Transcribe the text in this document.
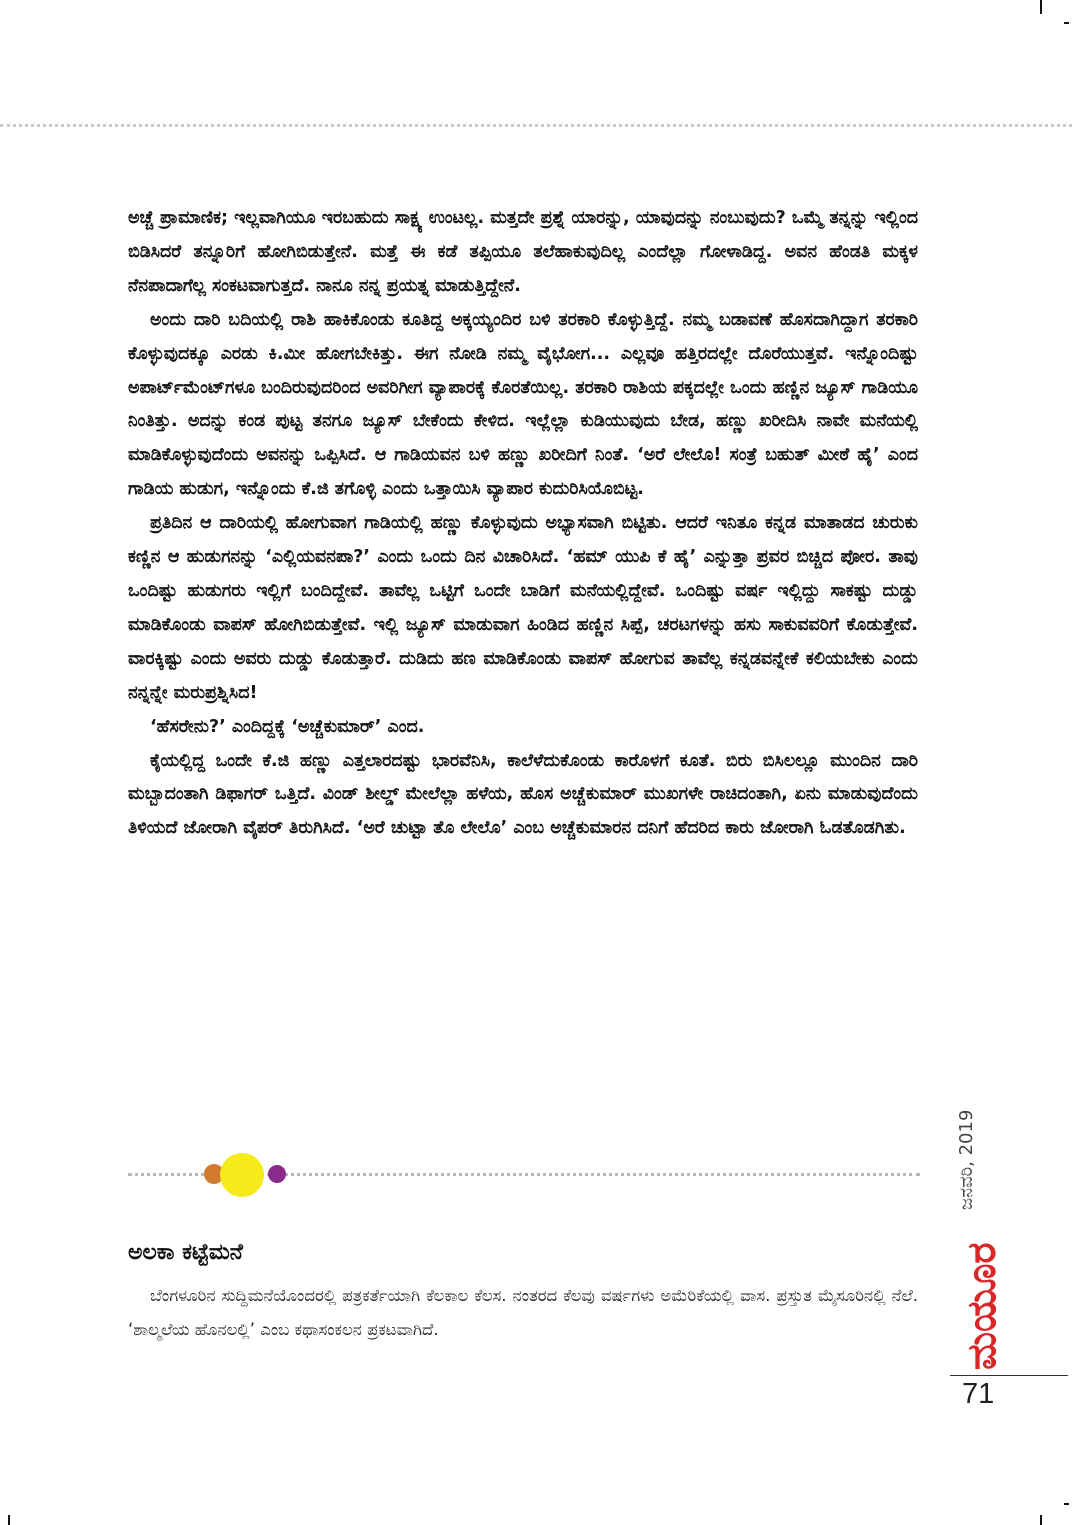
ಅಚ್ಚೆ ಪ್ರಾಮಾಣಿಕ; ಇಲ್ಲವಾಗಿಯೂ ಇರಬಹುದು ಸಾಕ್ಷ್ಯ ಉಂಟಲ್ಲ. ಮತ್ತದೇ ಪ್ರಶ್ನೆ ಯಾರನ್ನು, ಯಾವುದನ್ನು ನಂಬುವುದು? ಒಮ್ಮೆ ತನ್ನನ್ನು ಇಲ್ಲಿಂದ ಬಿಡಿಸಿದರೆ ತನ್ನೂರಿಗೆ ಹೋಗಿಬಿಡುತ್ತೇನೆ. ಮತ್ತೆ ಈ ಕಡೆ ತಪ್ಪಿಯೂ ತಲೆಹಾಕುವುದಿಲ್ಲ ಎಂದೆಲ್ಲಾ ಗೋಳಾಡಿದ್ದ. ಅವನ ಹೆಂಡತಿ ಮಕ್ಕಳ ನೆನಪಾದಾಗೆಲ್ಲ ಸಂಕಟವಾಗುತ್ತದೆ. ನಾನೂ ನನ್ನ ಪ್ರಯತ್ನ ಮಾಡುತ್ತಿದ್ದೇನೆ.

ಅಂದು ದಾರಿ ಬದಿಯಲ್ಲಿ ರಾಶಿ ಹಾಕಿಕೊಂಡು ಕೂತಿದ್ದ ಅಕ್ಕಯ್ಯಂದಿರ ಬಳಿ ತರಕಾರಿ ಕೊಳ್ಳುತ್ತಿದ್ದೆ. ನಮ್ಮ ಬಡಾವಣೆ ಹೊಸದಾಗಿದ್ದಾಗ ತರಕಾರಿ ಕೊಳ್ಳುವುದಕ್ಕೂ ಎರಡು ಕಿ.ಮೀ ಹೋಗಬೇಕಿತ್ತು. ಈಗ ನೋಡಿ ನಮ್ಮ ವೈಭೋಗ... ಎಲ್ಲವೂ ಹತ್ತಿರದಲ್ಲೇ ದೊರೆಯುತ್ತವೆ. ಇನ್ನೊಂದಿಷ್ಟು ಅಪಾರ್ಟ್‌ಮೆಂಟ್‌ಗಳೂ ಬಂದಿರುವುದರಿಂದ ಅವರಿಗೀಗ ವ್ಯಾಪಾರಕ್ಕೆ ಕೊರತೆಯಿಲ್ಲ. ತರಕಾರಿ ರಾಶಿಯ ಪಕ್ಕದಲ್ಲೇ ಒಂದು ಹಣ್ಣಿನ ಜ್ಯೂಸ್ ಗಾಡಿಯೂ ನಿಂತಿತ್ತು. ಅದನ್ನು ಕಂಡ ಪುಟ್ಟ ತನಗೂ ಜ್ಯೂಸ್ ಬೇಕೆಂದು ಕೇಳಿದ. ಇಲ್ಲೆಲ್ಲಾ ಕುಡಿಯುವುದು ಬೇಡ, ಹಣ್ಣು ಖರೀದಿಸಿ ನಾವೇ ಮನೆಯಲ್ಲಿ ಮಾಡಿಕೊಳ್ಳುವುದೆಂದು ಅವನನ್ನು ಒಪ್ಪಿಸಿದೆ. ಆ ಗಾಡಿಯವನ ಬಳಿ ಹಣ್ಣು ಖರೀದಿಗೆ ನಿಂತೆ. ‘ಅರೆ ಲೇಲೊ! ಸಂತ್ರೆ ಬಹುತ್ ಮೀಠೆ ಹೈ’ ಎಂದ ಗಾಡಿಯ ಹುಡುಗ, ಇನ್ನೊಂದು ಕೆ.ಜಿ ತಗೊಳ್ಳಿ ಎಂದು ಒತ್ತಾಯಿಸಿ ವ್ಯಾಪಾರ ಕುದುರಿಸಿಯೊಬಿಟ್ಟ.

ಪ್ರತಿದಿನ ಆ ದಾರಿಯಲ್ಲಿ ಹೋಗುವಾಗ ಗಾಡಿಯಲ್ಲಿ ಹಣ್ಣು ಕೊಳ್ಳುವುದು ಅಭ್ಯಾಸವಾಗಿ ಬಿಟ್ಟಿತು. ಆದರೆ ಇನಿತೂ ಕನ್ನಡ ಮಾತಾಡದ ಚುರುಕು ಕಣ್ಣಿನ ಆ ಹುಡುಗನನ್ನು ‘ಎಲ್ಲಿಯವನಪಾ?’ ಎಂದು ಒಂದು ದಿನ ವಿಚಾರಿಸಿದೆ. ‘ಹಮ್ ಯುಪಿ ಕೆ ಹೈ’ ಎನ್ನುತ್ತಾ ಪ್ರವರ ಬಿಚ್ಚಿದ ಪೋರ. ತಾವು ಒಂದಿಷ್ಟು ಹುಡುಗರು ಇಲ್ಲಿಗೆ ಬಂದಿದ್ದೇವೆ. ತಾವೆಲ್ಲ ಒಟ್ಟಿಗೆ ಒಂದೇ ಬಾಡಿಗೆ ಮನೆಯಲ್ಲಿದ್ದೇವೆ. ಒಂದಿಷ್ಟು ವರ್ಷ ಇಲ್ಲಿದ್ದು ಸಾಕಷ್ಟು ದುಡ್ಡು ಮಾಡಿಕೊಂಡು ವಾಪಸ್ ಹೋಗಿಬಿಡುತ್ತೇವೆ. ಇಲ್ಲಿ ಜ್ಯೂಸ್ ಮಾಡುವಾಗ ಹಿಂಡಿದ ಹಣ್ಣಿನ ಸಿಪ್ಪೆ, ಚರಟಗಳನ್ನು ಹಸು ಸಾಕುವವರಿಗೆ ಕೊಡುತ್ತೇವೆ. ವಾರಕ್ಕಿಷ್ಟು ಎಂದು ಅವರು ದುಡ್ಡು ಕೊಡುತ್ತಾರೆ. ದುಡಿದು ಹಣ ಮಾಡಿಕೊಂಡು ವಾಪಸ್ ಹೋಗುವ ತಾವೆಲ್ಲ ಕನ್ನಡವನ್ನೇಕೆ ಕಲಿಯಬೇಕು ಎಂದು ನನ್ನನ್ನೇ ಮರುಪ್ರಶ್ನಿಸಿದ!

‘ಹೆಸರೇನು?’ ಎಂದಿದ್ದಕ್ಕೆ ‘ಅಚ್ಚೆಕುಮಾರ್’ ಎಂದ.

ಕೈಯಲ್ಲಿದ್ದ ಒಂದೇ ಕೆ.ಜಿ ಹಣ್ಣು ಎತ್ತಲಾರದಷ್ಟು ಭಾರವೆನಿಸಿ, ಕಾಲೆಳೆದುಕೊಂಡು ಕಾರೊಳಗೆ ಕೂತೆ. ಬಿರು ಬಿಸಿಲಲ್ಲೂ ಮುಂದಿನ ದಾರಿ ಮಬ್ಬಾದಂತಾಗಿ ಡಿಫಾಗರ್ ಒತ್ತಿದೆ. ವಿಂಡ್ ಶೀಲ್ಡ್ ಮೇಲೆಲ್ಲಾ ಹಳೆಯ, ಹೊಸ ಅಚ್ಚೆಕುಮಾರ್ ಮುಖಗಳೇ ರಾಚಿದಂತಾಗಿ, ಏನು ಮಾಡುವುದೆಂದು ತಿಳಿಯದೆ ಜೋರಾಗಿ ವೈಪರ್ ತಿರುಗಿಸಿದೆ. ‘ಅರೆ ಚುಟ್ಟಾ ತೊ ಲೇಲೊ’ ಎಂಬ ಅಚ್ಚೆಕುಮಾರನ ದನಿಗೆ ಹೆದರಿದ ಕಾರು ಜೋರಾಗಿ ಓಡತೊಡಗಿತು.

ಅಲಕಾ ಕಟ್ಟೆಮನೆ

ಬೆಂಗಳೂರಿನ ಸುದ್ದಿಮನೆಯೊಂದರಲ್ಲಿ ಪತ್ರಕರ್ತೆಯಾಗಿ ಕೆಲಕಾಲ ಕೆಲಸ. ನಂತರದ ಕೆಲವು ವರ್ಷಗಳು ಅಮೆರಿಕೆಯಲ್ಲಿ ವಾಸ. ಪ್ರಸ್ತುತ ಮೈಸೂರಿನಲ್ಲಿ ನೆಲೆ. ‘ಶಾಲ್ಮಲೆಯ ಹೊನಲಲ್ಲಿ’ ಎಂಬ ಕಥಾಸಂಕಲನ ಪ್ರಕಟವಾಗಿದೆ.

ಜನವರಿ, 2019
ಮಯೂರ
71
